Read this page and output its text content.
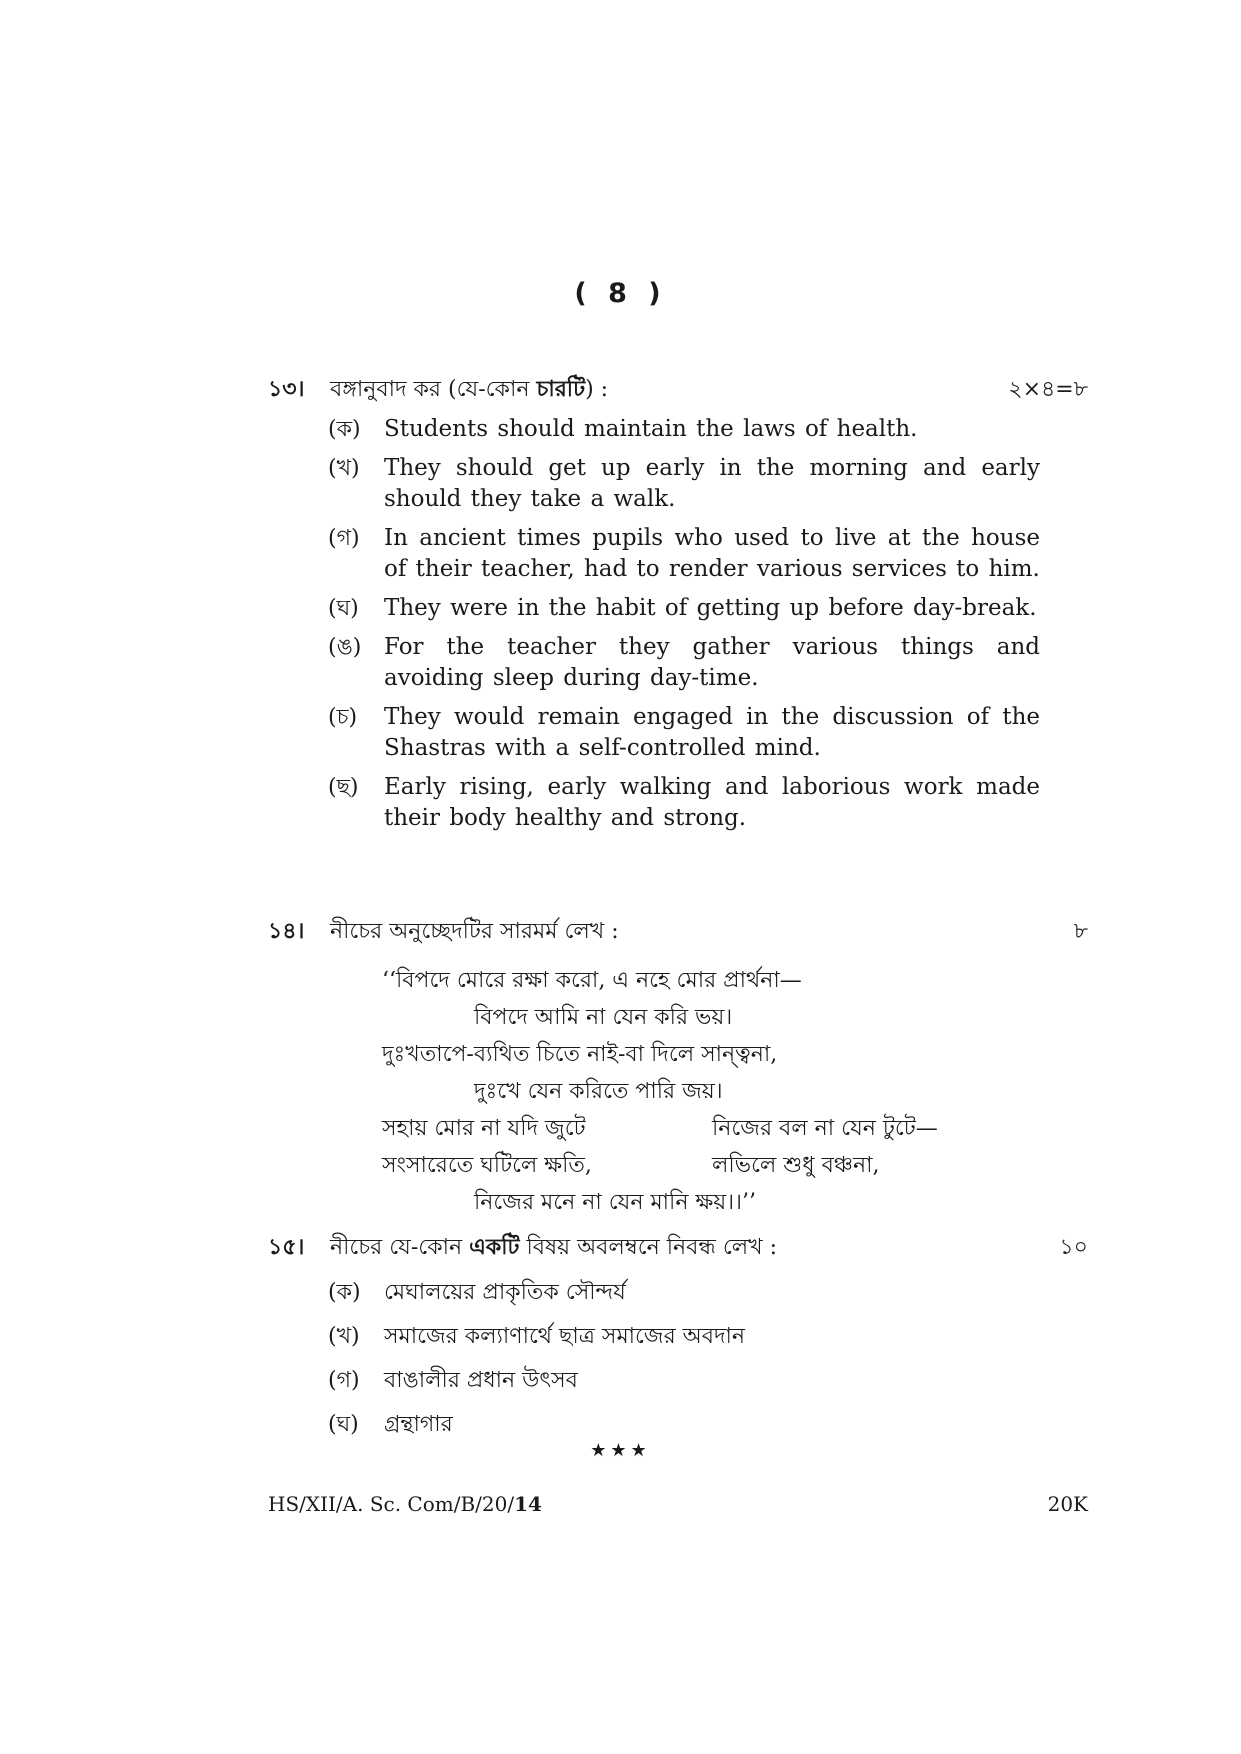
( 8 )
১৩। বঙ্গানুবাদ কর (যে-কোন চারটি) :	২×৪=৮
(ক) Students should maintain the laws of health.
(খ) They should get up early in the morning and early should they take a walk.
(গ) In ancient times pupils who used to live at the house of their teacher, had to render various services to him.
(ঘ) They were in the habit of getting up before day-break.
(ঙ) For the teacher they gather various things and avoiding sleep during day-time.
(চ) They would remain engaged in the discussion of the Shastras with a self-controlled mind.
(ছ) Early rising, early walking and laborious work made their body healthy and strong.
১৪। নীচের অনুচ্ছেদটির সারমর্ম লেখ :	৮
‘‘বিপদে মোরে রক্ষা করো, এ নহে মোর প্রার্থনা—
বিপদে আমি না যেন করি ভয়।
দুঃখতাপে-ব্যথিত চিতে নাই-বা দিলে সান্ত্বনা,
দুঃখে যেন করিতে পারি জয়।
সহায় মোর না যদি জুটে	নিজের বল না যেন টুটে—
সংসারেতে ঘটিলে ক্ষতি,	লভিলে শুধু বঞ্চনা,
নিজের মনে না যেন মানি ক্ষয়।।’’
১৫। নীচের যে-কোন একটি বিষয় অবলম্বনে নিবন্ধ লেখ :	১০
(ক) মেঘালয়ের প্রাকৃতিক সৌন্দর্য
(খ) সমাজের কল্যাণার্থে ছাত্র সমাজের অবদান
(গ) বাঙালীর প্রধান উৎসব
(ঘ) গ্রন্থাগার
★★★
HS/XII/A. Sc. Com/B/20/14	20K
